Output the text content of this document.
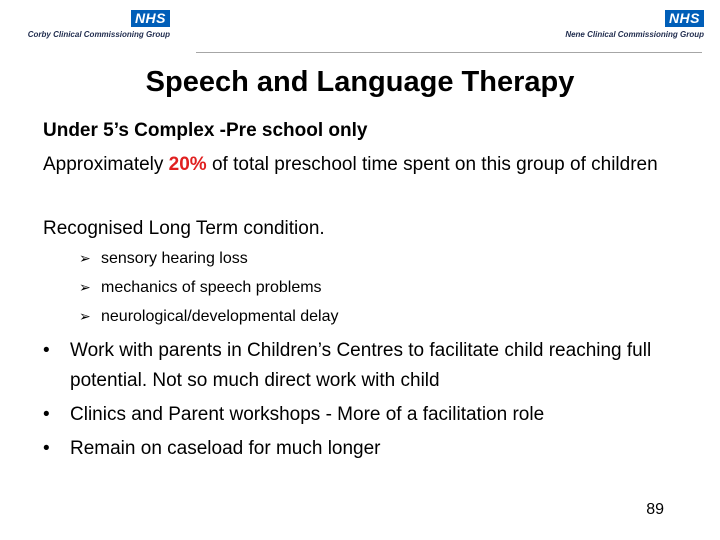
NHS
Corby Clinical Commissioning Group
NHS
Nene Clinical Commissioning Group
Speech and Language Therapy
Under 5’s Complex -Pre school only
Approximately 20% of total preschool time spent on this group of children
Recognised Long Term condition.
➢ sensory hearing loss
➢ mechanics of speech problems
➢ neurological/developmental delay
• Work with parents in Children’s Centres to facilitate child reaching full potential. Not so much direct work with child
• Clinics and Parent workshops - More of a facilitation role
• Remain on caseload for much longer
89
